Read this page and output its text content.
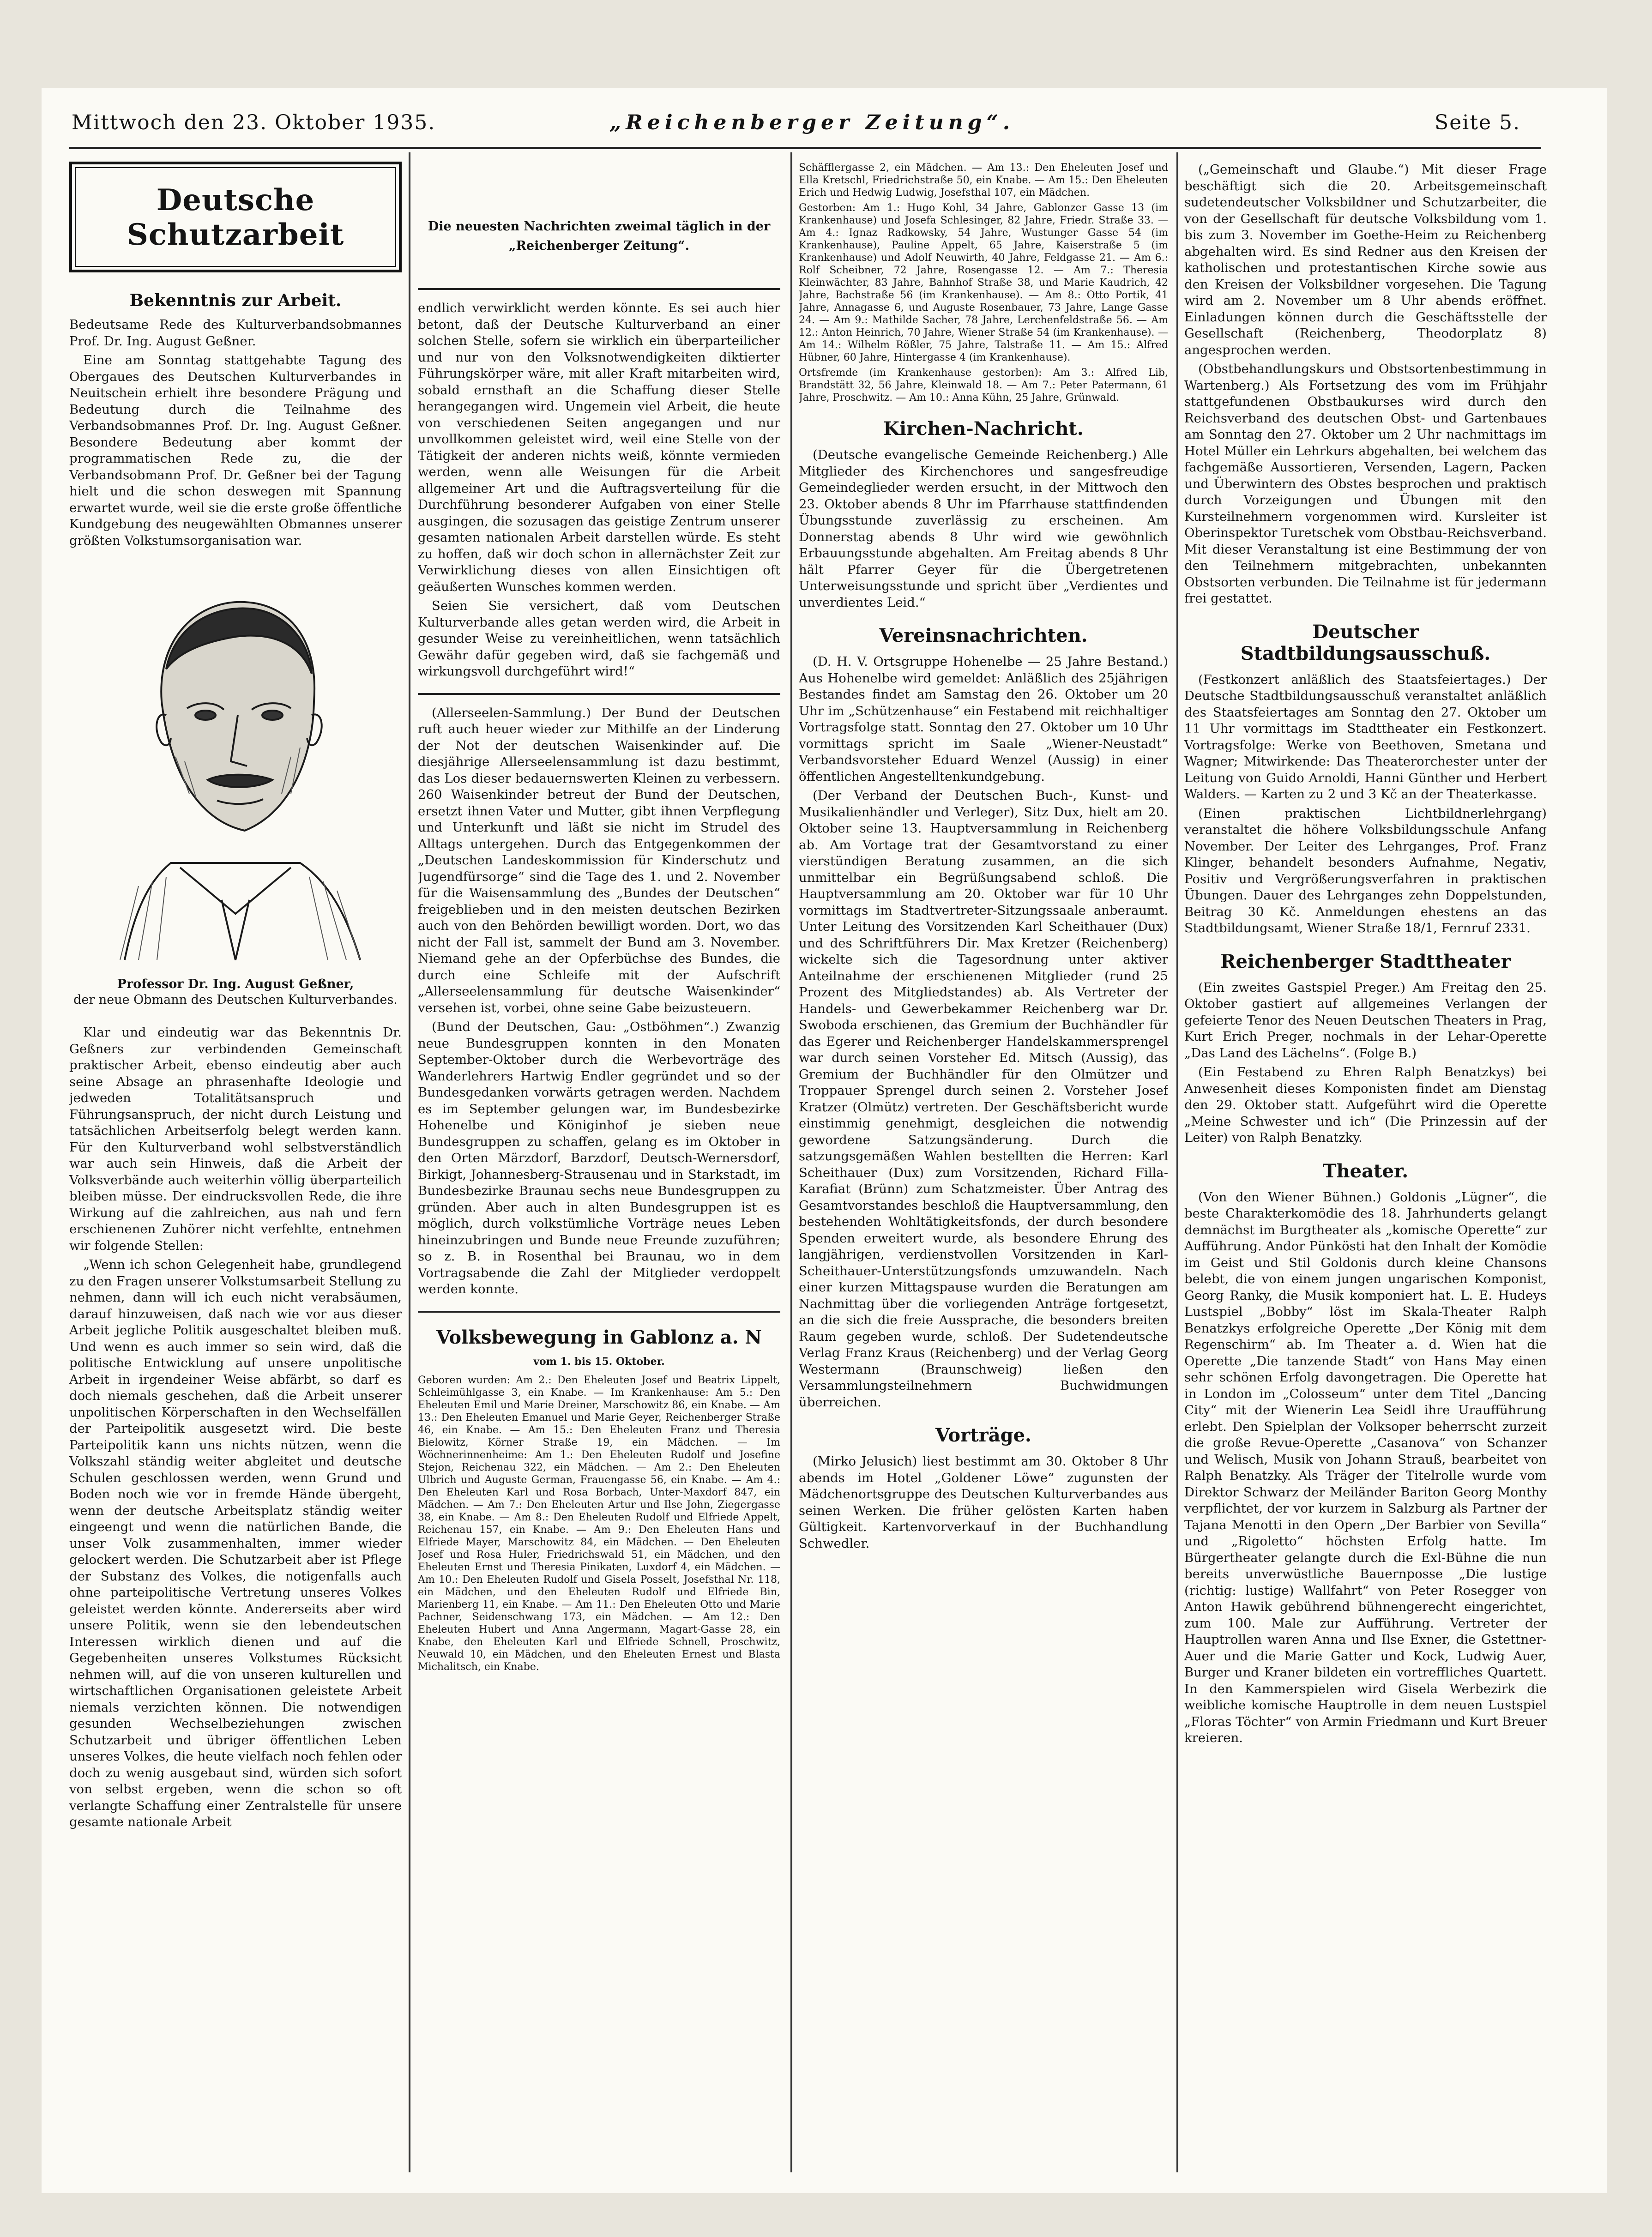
Mittwoch den 23. Oktober 1935.	„Reichenberger Zeitung“.	Seite 5.
Deutsche Schutzarbeit
Bekenntnis zur Arbeit.

Bedeutsame Rede des Kulturverbandsobmannes Prof. Dr. Ing. August Geßner.

Eine am Sonntag stattgehabte Tagung des Obergaues des Deutschen Kulturverbandes in Neuitschein erhielt ihre besondere Prägung und Bedeutung durch die Teilnahme des Verbandsobmannes Prof. Dr. Ing. August Geßner. Besondere Bedeutung aber kommt der programmatischen Rede zu, die der Verbandsobmann Prof. Dr. Geßner bei der Tagung hielt und die schon deswegen mit Spannung erwartet wurde, weil sie die erste große öffentliche Kundgebung des neugewählten Obmannes unserer größten Volkstumsorganisation war.

Professor Dr. Ing. August Geßner,
der neue Obmann des Deutschen Kulturverbandes.

Klar und eindeutig war das Bekenntnis Dr. Geßners zur verbindenden Gemeinschaft praktischer Arbeit, ebenso eindeutig aber auch seine Absage an phrasenhafte Ideologie und jedweden Totalitätsanspruch und Führungsanspruch, der nicht durch Leistung und tatsächlichen Arbeitserfolg belegt werden kann. Für den Kulturverband wohl selbstverständlich war auch sein Hinweis, daß die Arbeit der Volksverbände auch weiterhin völlig überparteilich bleiben müsse. Der eindrucksvollen Rede, die ihre Wirkung auf die zahlreichen, aus nah und fern erschienenen Zuhörer nicht verfehlte, entnehmen wir folgende Stellen:

„Wenn ich schon Gelegenheit habe, grundlegend zu den Fragen unserer Volkstumsarbeit Stellung zu nehmen, dann will ich euch nicht verabsäumen, darauf hinzuweisen, daß nach wie vor aus dieser Arbeit jegliche Politik ausgeschaltet bleiben muß. Und wenn es auch immer so sein wird, daß die politische Entwicklung auf unsere unpolitische Arbeit in irgendeiner Weise abfärbt, so darf es doch niemals geschehen, daß die Arbeit unserer unpolitischen Körperschaften in den Wechselfällen der Parteipolitik ausgesetzt wird. Die beste Parteipolitik kann uns nichts nützen, wenn die Volkszahl ständig weiter abgleitet und deutsche Schulen geschlossen werden, wenn Grund und Boden noch wie vor in fremde Hände übergeht, wenn der deutsche Arbeitsplatz ständig weiter eingeengt und wenn die natürlichen Bande, die unser Volk zusammenhalten, immer wieder gelockert werden. Die Schutzarbeit aber ist Pflege der Substanz des Volkes, die notigenfalls auch ohne parteipolitische Vertretung unseres Volkes geleistet werden könnte. Andererseits aber wird unsere Politik, wenn sie den lebendeutschen Interessen wirklich dienen und auf die Gegebenheiten unseres Volkstumes Rücksicht nehmen will, auf die von unseren kulturellen und wirtschaftlichen Organisationen geleistete Arbeit niemals verzichten können. Die notwendigen gesunden Wechselbeziehungen zwischen Schutzarbeit und übriger öffentlichen Leben unseres Volkes, die heute vielfach noch fehlen oder doch zu wenig ausgebaut sind, würden sich sofort von selbst ergeben, wenn die schon so oft verlangte Schaffung einer Zentralstelle für unsere gesamte nationale Arbeit

Die neuesten Nachrichten zweimal täglich in der „Reichenberger Zeitung“.

endlich verwirklicht werden könnte. Es sei auch hier betont, daß der Deutsche Kulturverband an einer solchen Stelle, sofern sie wirklich ein überparteilicher und nur von den Volksnotwendigkeiten diktierter Führungskörper wäre, mit aller Kraft mitarbeiten wird, sobald ernsthaft an die Schaffung dieser Stelle herangegangen wird. Ungemein viel Arbeit, die heute von verschiedenen Seiten angegangen und nur unvollkommen geleistet wird, weil eine Stelle von der Tätigkeit der anderen nichts weiß, könnte vermieden werden, wenn alle Weisungen für die Arbeit allgemeiner Art und die Auftragsverteilung für die Durchführung besonderer Aufgaben von einer Stelle ausgingen, die sozusagen das geistige Zentrum unserer gesamten nationalen Arbeit darstellen würde. Es steht zu hoffen, daß wir doch schon in allernächster Zeit zur Verwirklichung dieses von allen Einsichtigen oft geäußerten Wunsches kommen werden.

Seien Sie versichert, daß vom Deutschen Kulturverbande alles getan werden wird, die Arbeit in gesunder Weise zu vereinheitlichen, wenn tatsächlich Gewähr dafür gegeben wird, daß sie fachgemäß und wirkungsvoll durchgeführt wird!“

(Allerseelen-Sammlung.) Der Bund der Deutschen ruft auch heuer wieder zur Mithilfe an der Linderung der Not der deutschen Waisenkinder auf. Die diesjährige Allerseelensammlung ist dazu bestimmt, das Los dieser bedauernswerten Kleinen zu verbessern. 260 Waisenkinder betreut der Bund der Deutschen, ersetzt ihnen Vater und Mutter, gibt ihnen Verpflegung und Unterkunft und läßt sie nicht im Strudel des Alltags untergehen. Durch das Entgegenkommen der „Deutschen Landeskommission für Kinderschutz und Jugendfürsorge“ sind die Tage des 1. und 2. November für die Waisensammlung des „Bundes der Deutschen“ freigeblieben und in den meisten deutschen Bezirken auch von den Behörden bewilligt worden. Dort, wo das nicht der Fall ist, sammelt der Bund am 3. November. Niemand gehe an der Opferbüchse des Bundes, die durch eine Schleife mit der Aufschrift „Allerseelensammlung für deutsche Waisenkinder“ versehen ist, vorbei, ohne seine Gabe beizusteuern.

(Bund der Deutschen, Gau: „Ostböhmen“.) Zwanzig neue Bundesgruppen konnten in den Monaten September-Oktober durch die Werbevorträge des Wanderlehrers Hartwig Endler gegründet und so der Bundesgedanken vorwärts getragen werden. Nachdem es im September gelungen war, im Bundesbezirke Hohenelbe und Königinhof je sieben neue Bundesgruppen zu schaffen, gelang es im Oktober in den Orten Märzdorf, Barzdorf, Deutsch-Wernersdorf, Birkigt, Johannesberg-Strausenau und in Starkstadt, im Bundesbezirke Braunau sechs neue Bundesgruppen zu gründen. Aber auch in alten Bundesgruppen ist es möglich, durch volkstümliche Vorträge neues Leben hineinzubringen und Bunde neue Freunde zuzuführen; so z. B. in Rosenthal bei Braunau, wo in dem Vortragsabende die Zahl der Mitglieder verdoppelt werden konnte.

Volksbewegung in Gablonz a. N
vom 1. bis 15. Oktober.

Geboren wurden: Am 2.: Den Eheleuten Josef und Beatrix Lippelt, Schleimühlgasse 3, ein Knabe. — Im Krankenhause: Am 5.: Den Eheleuten Emil und Marie Dreiner, Marschowitz 86, ein Knabe. — Am 13.: Den Eheleuten Emanuel und Marie Geyer, Reichenberger Straße 46, ein Knabe. — Am 15.: Den Eheleuten Franz und Theresia Bielowitz, Körner Straße 19, ein Mädchen. — Im Wöchnerinnenheime: Am 1.: Den Eheleuten Rudolf und Josefine Stejon, Reichenau 322, ein Mädchen. — Am 2.: Den Eheleuten Ulbrich und Auguste German, Frauengasse 56, ein Knabe. — Am 4.: Den Eheleuten Karl und Rosa Borbach, Unter-Maxdorf 847, ein Mädchen. — Am 7.: Den Eheleuten Artur und Ilse John, Ziegergasse 38, ein Knabe. — Am 8.: Den Eheleuten Rudolf und Elfriede Appelt, Reichenau 157, ein Knabe. — Am 9.: Den Eheleuten Hans und Elfriede Mayer, Marschowitz 84, ein Mädchen. — Den Eheleuten Josef und Rosa Huler, Friedrichswald 51, ein Mädchen, und den Eheleuten Ernst und Theresia Pinikaten, Luxdorf 4, ein Mädchen. — Am 10.: Den Eheleuten Rudolf und Gisela Posselt, Josefsthal Nr. 118, ein Mädchen, und den Eheleuten Rudolf und Elfriede Bin, Marienberg 11, ein Knabe. — Am 11.: Den Eheleuten Otto und Marie Pachner, Seidenschwang 173, ein Mädchen. — Am 12.: Den Eheleuten Hubert und Anna Angermann, Magart-Gasse 28, ein Knabe, den Eheleuten Karl und Elfriede Schnell, Proschwitz, Neuwald 10, ein Mädchen, und den Eheleuten Ernest und Blasta Michalitsch, ein Knabe.

Schäfflergasse 2, ein Mädchen. — Am 13.: Den Eheleuten Josef und Ella Kretschl, Friedrichstraße 50, ein Knabe. — Am 15.: Den Eheleuten Erich und Hedwig Ludwig, Josefsthal 107, ein Mädchen.

Gestorben: Am 1.: Hugo Kohl, 34 Jahre, Gablonzer Gasse 13 (im Krankenhause) und Josefa Schlesinger, 82 Jahre, Friedr. Straße 33. — Am 4.: Ignaz Radkowsky, 54 Jahre, Wustunger Gasse 54 (im Krankenhause), Pauline Appelt, 65 Jahre, Kaiserstraße 5 (im Krankenhause) und Adolf Neuwirth, 40 Jahre, Feldgasse 21. — Am 6.: Rolf Scheibner, 72 Jahre, Rosengasse 12. — Am 7.: Theresia Kleinwächter, 83 Jahre, Bahnhof Straße 38, und Marie Kaudrich, 42 Jahre, Bachstraße 56 (im Krankenhause). — Am 8.: Otto Portik, 41 Jahre, Annagasse 6, und Auguste Rosenbauer, 73 Jahre, Lange Gasse 24. — Am 9.: Mathilde Sacher, 78 Jahre, Lerchenfeldstraße 56. — Am 12.: Anton Heinrich, 70 Jahre, Wiener Straße 54 (im Krankenhause). — Am 14.: Wilhelm Rößler, 75 Jahre, Talstraße 11. — Am 15.: Alfred Hübner, 60 Jahre, Hintergasse 4 (im Krankenhause).

Ortsfremde (im Krankenhause gestorben): Am 3.: Alfred Lib, Brandstätt 32, 56 Jahre, Kleinwald 18. — Am 7.: Peter Patermann, 61 Jahre, Proschwitz. — Am 10.: Anna Kühn, 25 Jahre, Grünwald.

Kirchen-Nachricht.

(Deutsche evangelische Gemeinde Reichenberg.) Alle Mitglieder des Kirchenchores und sangesfreudige Gemeindeglieder werden ersucht, in der Mittwoch den 23. Oktober abends 8 Uhr im Pfarrhause stattfindenden Übungsstunde zuverlässig zu erscheinen. Am Donnerstag abends 8 Uhr wird wie gewöhnlich Erbauungsstunde abgehalten. Am Freitag abends 8 Uhr hält Pfarrer Geyer für die Übergetretenen Unterweisungsstunde und spricht über „Verdientes und unverdientes Leid.“

Vereinsnachrichten.

(D. H. V. Ortsgruppe Hohenelbe — 25 Jahre Bestand.) Aus Hohenelbe wird gemeldet: Anläßlich des 25jährigen Bestandes findet am Samstag den 26. Oktober um 20 Uhr im „Schützenhause“ ein Festabend mit reichhaltiger Vortragsfolge statt. Sonntag den 27. Oktober um 10 Uhr vormittags spricht im Saale „Wiener-Neustadt“ Verbandsvorsteher Eduard Wenzel (Aussig) in einer öffentlichen Angestelltenkundgebung.

(Der Verband der Deutschen Buch-, Kunst- und Musikalienhändler und Verleger), Sitz Dux, hielt am 20. Oktober seine 13. Hauptversammlung in Reichenberg ab. Am Vortage trat der Gesamtvorstand zu einer vierstündigen Beratung zusammen, an die sich unmittelbar ein Begrüßungsabend schloß. Die Hauptversammlung am 20. Oktober war für 10 Uhr vormittags im Stadtvertreter-Sitzungssaale anberaumt. Unter Leitung des Vorsitzenden Karl Scheithauer (Dux) und des Schriftführers Dir. Max Kretzer (Reichenberg) wickelte sich die Tagesordnung unter aktiver Anteilnahme der erschienenen Mitglieder (rund 25 Prozent des Mitgliedstandes) ab. Als Vertreter der Handels- und Gewerbekammer Reichenberg war Dr. Swoboda erschienen, das Gremium der Buchhändler für das Egerer und Reichenberger Handelskammersprengel war durch seinen Vorsteher Ed. Mitsch (Aussig), das Gremium der Buchhändler für den Olmützer und Troppauer Sprengel durch seinen 2. Vorsteher Josef Kratzer (Olmütz) vertreten. Der Geschäftsbericht wurde einstimmig genehmigt, desgleichen die notwendig gewordene Satzungsänderung. Durch die satzungsgemäßen Wahlen bestellten die Herren: Karl Scheithauer (Dux) zum Vorsitzenden, Richard Filla-Karafiat (Brünn) zum Schatzmeister. Über Antrag des Gesamtvorstandes beschloß die Hauptversammlung, den bestehenden Wohltätigkeitsfonds, der durch besondere Spenden erweitert wurde, als besondere Ehrung des langjährigen, verdienstvollen Vorsitzenden in Karl-Scheithauer-Unterstützungsfonds umzuwandeln. Nach einer kurzen Mittagspause wurden die Beratungen am Nachmittag über die vorliegenden Anträge fortgesetzt, an die sich die freie Aussprache, die besonders breiten Raum gegeben wurde, schloß. Der Sudetendeutsche Verlag Franz Kraus (Reichenberg) und der Verlag Georg Westermann (Braunschweig) ließen den Versammlungsteilnehmern Buchwidmungen überreichen.

Vorträge.

(Mirko Jelusich) liest bestimmt am 30. Oktober 8 Uhr abends im Hotel „Goldener Löwe“ zugunsten der Mädchenortsgruppe des Deutschen Kulturverbandes aus seinen Werken. Die früher gelösten Karten haben Gültigkeit. Kartenvorverkauf in der Buchhandlung Schwedler.

(„Gemeinschaft und Glaube.“) Mit dieser Frage beschäftigt sich die 20. Arbeitsgemeinschaft sudetendeutscher Volksbildner und Schutzarbeiter, die von der Gesellschaft für deutsche Volksbildung vom 1. bis zum 3. November im Goethe-Heim zu Reichenberg abgehalten wird. Es sind Redner aus den Kreisen der katholischen und protestantischen Kirche sowie aus den Kreisen der Volksbildner vorgesehen. Die Tagung wird am 2. November um 8 Uhr abends eröffnet. Einladungen können durch die Geschäftsstelle der Gesellschaft (Reichenberg, Theodorplatz 8) angesprochen werden.

(Obstbehandlungskurs und Obstsortenbestimmung in Wartenberg.) Als Fortsetzung des vom im Frühjahr stattgefundenen Obstbaukurses wird durch den Reichsverband des deutschen Obst- und Gartenbaues am Sonntag den 27. Oktober um 2 Uhr nachmittags im Hotel Müller ein Lehrkurs abgehalten, bei welchem das fachgemäße Aussortieren, Versenden, Lagern, Packen und Überwintern des Obstes besprochen und praktisch durch Vorzeigungen und Übungen mit den Kursteilnehmern vorgenommen wird. Kursleiter ist Oberinspektor Turetschek vom Obstbau-Reichsverband. Mit dieser Veranstaltung ist eine Bestimmung der von den Teilnehmern mitgebrachten, unbekannten Obstsorten verbunden. Die Teilnahme ist für jedermann frei gestattet.

Deutscher Stadtbildungsausschuß.

(Festkonzert anläßlich des Staatsfeiertages.) Der Deutsche Stadtbildungsausschuß veranstaltet anläßlich des Staatsfeiertages am Sonntag den 27. Oktober um 11 Uhr vormittags im Stadttheater ein Festkonzert. Vortragsfolge: Werke von Beethoven, Smetana und Wagner; Mitwirkende: Das Theaterorchester unter der Leitung von Guido Arnoldi, Hanni Günther und Herbert Walders. — Karten zu 2 und 3 Kč an der Theaterkasse.

(Einen praktischen Lichtbildnerlehrgang) veranstaltet die höhere Volksbildungsschule Anfang November. Der Leiter des Lehrganges, Prof. Franz Klinger, behandelt besonders Aufnahme, Negativ, Positiv und Vergrößerungsverfahren in praktischen Übungen. Dauer des Lehrganges zehn Doppelstunden, Beitrag 30 Kč. Anmeldungen ehestens an das Stadtbildungsamt, Wiener Straße 18/1, Fernruf 2331.

Reichenberger Stadttheater

(Ein zweites Gastspiel Preger.) Am Freitag den 25. Oktober gastiert auf allgemeines Verlangen der gefeierte Tenor des Neuen Deutschen Theaters in Prag, Kurt Erich Preger, nochmals in der Lehar-Operette „Das Land des Lächelns“. (Folge B.)

(Ein Festabend zu Ehren Ralph Benatzkys) bei Anwesenheit dieses Komponisten findet am Dienstag den 29. Oktober statt. Aufgeführt wird die Operette „Meine Schwester und ich“ (Die Prinzessin auf der Leiter) von Ralph Benatzky.

Theater.

(Von den Wiener Bühnen.) Goldonis „Lügner“, die beste Charakterkomödie des 18. Jahrhunderts gelangt demnächst im Burgtheater als „komische Operette“ zur Aufführung. Andor Pünkösti hat den Inhalt der Komödie im Geist und Stil Goldonis durch kleine Chansons belebt, die von einem jungen ungarischen Komponist, Georg Ranky, die Musik komponiert hat. L. E. Hudeys Lustspiel „Bobby“ löst im Skala-Theater Ralph Benatzkys erfolgreiche Operette „Der König mit dem Regenschirm“ ab. Im Theater a. d. Wien hat die Operette „Die tanzende Stadt“ von Hans May einen sehr schönen Erfolg davongetragen. Die Operette hat in London im „Colosseum“ unter dem Titel „Dancing City“ mit der Wienerin Lea Seidl ihre Uraufführung erlebt. Den Spielplan der Volksoper beherrscht zurzeit die große Revue-Operette „Casanova“ von Schanzer und Welisch, Musik von Johann Strauß, bearbeitet von Ralph Benatzky. Als Träger der Titelrolle wurde vom Direktor Schwarz der Meiländer Bariton Georg Monthy verpflichtet, der vor kurzem in Salzburg als Partner der Tajana Menotti in den Opern „Der Barbier von Sevilla“ und „Rigoletto“ höchsten Erfolg hatte. Im Bürgertheater gelangte durch die Exl-Bühne die nun bereits unverwüstliche Bauernposse „Die lustige (richtig: lustige) Wallfahrt“ von Peter Rosegger von Anton Hawik gebührend bühnengerecht eingerichtet, zum 100. Male zur Aufführung. Vertreter der Hauptrollen waren Anna und Ilse Exner, die Gstettner-Auer und die Marie Gatter und Kock, Ludwig Auer, Burger und Kraner bildeten ein vortreffliches Quartett. In den Kammerspielen wird Gisela Werbezirk die weibliche komische Hauptrolle in dem neuen Lustspiel „Floras Töchter“ von Armin Friedmann und Kurt Breuer kreieren.
